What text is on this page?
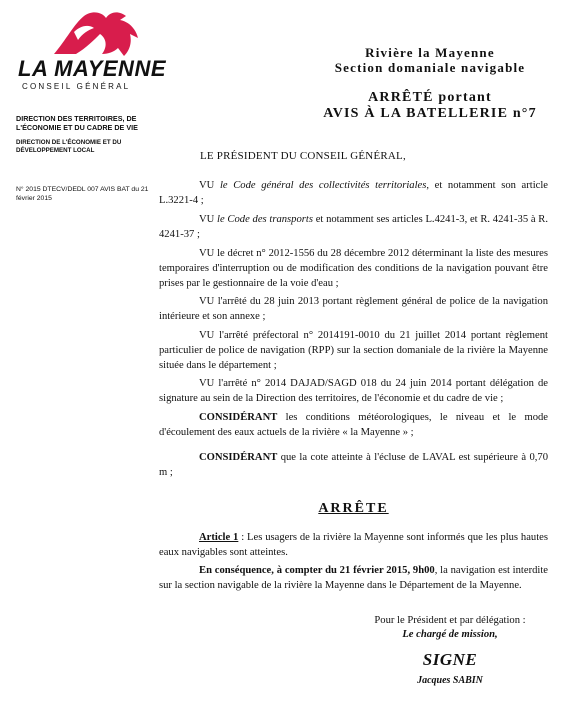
LA MAYENNE
CONSEIL GÉNÉRAL
Rivière la Mayenne
Section domaniale navigable
ARRÊTÉ portant
AVIS À LA BATELLERIE n°7
DIRECTION DES TERRITOIRES, DE L'ÉCONOMIE ET DU CADRE DE VIE
DIRECTION DE L'ÉCONOMIE ET DU DÉVELOPPEMENT LOCAL
N° 2015 DTECV/DEDL 007 AVIS BAT du 21 février 2015
LE PRÉSIDENT DU CONSEIL GÉNÉRAL,
VU le Code général des collectivités territoriales, et notamment son article L.3221-4 ;
VU le Code des transports et notamment ses articles L.4241-3, et R. 4241-35 à R. 4241-37 ;
VU le décret n° 2012-1556 du 28 décembre 2012 déterminant la liste des mesures temporaires d'interruption ou de modification des conditions de la navigation pouvant être prises par le gestionnaire de la voie d'eau ;
VU l'arrêté du 28 juin 2013 portant règlement général de police de la navigation intérieure et son annexe ;
VU l'arrêté préfectoral n° 2014191-0010 du 21 juillet 2014 portant règlement particulier de police de navigation (RPP) sur la section domaniale de la rivière la Mayenne située dans le département ;
VU l'arrêté n° 2014 DAJAD/SAGD 018 du 24 juin 2014 portant délégation de signature au sein de la Direction des territoires, de l'économie et du cadre de vie ;
CONSIDÉRANT les conditions météorologiques, le niveau et le mode d'écoulement des eaux actuels de la rivière « la Mayenne » ;
CONSIDÉRANT que la cote atteinte à l'écluse de LAVAL est supérieure à 0,70 m ;
ARRÊTE
Article 1 : Les usagers de la rivière la Mayenne sont informés que les plus hautes eaux navigables sont atteintes.
En conséquence, à compter du 21 février 2015, 9h00, la navigation est interdite sur la section navigable de la rivière la Mayenne dans le Département de la Mayenne.
Pour le Président et par délégation :
Le chargé de mission,
SIGNE
Jacques SABIN
